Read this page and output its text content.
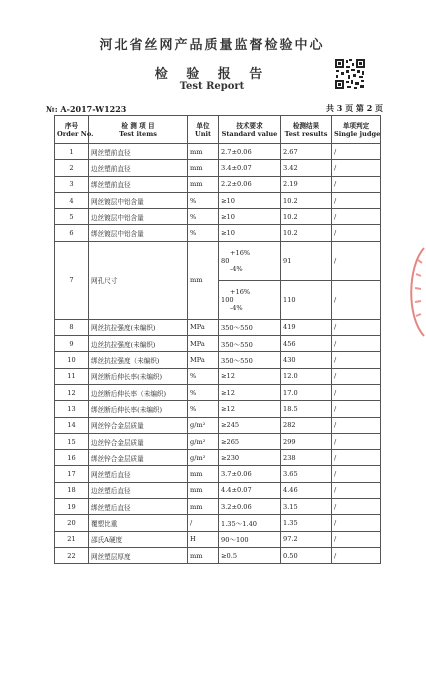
河北省丝网产品质量监督检验中心
检 验 报 告
Test Report
№: A-2017-W1223	共 3 页 第 2 页
序号
Order No.	检 测 项 目
Test items	单位
Unit	技术要求
Standard value	检测结果
Test results	单项判定
Single judge

1	网丝塑前直径	mm	2.7±0.06	2.67	/
2	边丝塑前直径	mm	3.4±0.07	3.42	/
3	绑丝塑前直径	mm	2.2±0.06	2.19	/
4	网丝镀层中铝含量	%	≥10	10.2	/
5	边丝镀层中铝含量	%	≥10	10.2	/
6	绑丝镀层中铝含量	%	≥10	10.2	/
7	网孔尺寸	mm	+16%
80
-4%	91	/

			+16%
100
-4%	110	/
8	网丝抗拉强度(未编织)	MPa	350～550	419	/
9	边丝抗拉强度(未编织)	MPa	350～550	456	/
10	绑丝抗拉强度（未编织)	MPa	350～550	430	/
11	网丝断后伸长率(未编织)	%	≥12	12.0	/
12	边丝断后伸长率（未编织)	%	≥12	17.0	/
13	绑丝断后伸长率(未编织)	%	≥12	18.5	/
14	网丝锌合金层质量	g/m²	≥245	282	/
15	边丝锌合金层质量	g/m²	≥265	299	/
16	绑丝锌合金层质量	g/m²	≥230	238	/
17	网丝塑后直径	mm	3.7±0.06	3.65	/
18	边丝塑后直径	mm	4.4±0.07	4.46	/
19	绑丝塑后直径	mm	3.2±0.06	3.15	/
20	覆塑比重	/	1.35～1.40	1.35	/
21	邵氏A硬度	H	90～100	97.2	/
22	网丝塑层厚度	mm	≥0.5	0.50	/
